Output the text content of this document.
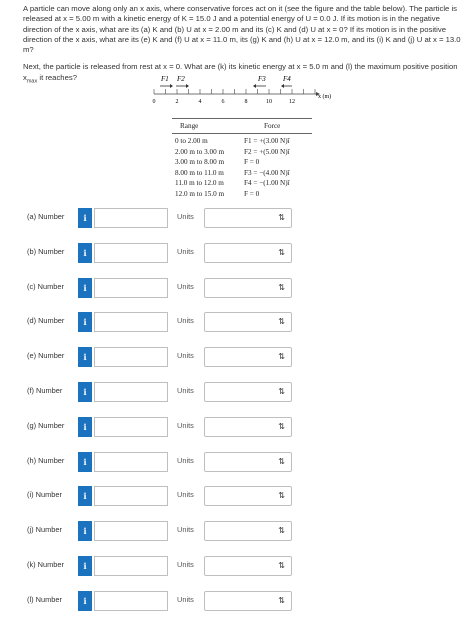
A particle can move along only an x axis, where conservative forces act on it (see the figure and the table below). The particle is released at x = 5.00 m with a kinetic energy of K = 15.0 J and a potential energy of U = 0.0 J. If its motion is in the negative direction of the x axis, what are its (a) K and (b) U at x = 2.00 m and its (c) K and (d) U at x = 0? If its motion is in the positive direction of the x axis, what are its (e) K and (f) U at x = 11.0 m, its (g) K and (h) U at x = 12.0 m, and its (i) K and (j) U at x = 13.0 m?

Next, the particle is released from rest at x = 0. What are (k) its kinetic energy at x = 5.0 m and (l) the maximum positive position $x_{max}$ it reaches?	F1 F2	F3 F4
x (m)
0	2	4	6	8	10	12
Range	Force
0 to 2.00 m	F1 = +(3.00 N)î
2.00 m to 3.00 m	F2 = +(5.00 N)î
3.00 m to 8.00 m	F = 0
8.00 m to 11.0 m	F3 = −(4.00 N)î
11.0 m to 12.0 m	F4 = −(1.00 N)î
12.0 m to 15.0 m	F = 0
(a) Number	i	Units	⇅
(b) Number	i	Units	⇅
(c) Number	i	Units	⇅
(d) Number	i	Units	⇅
(e) Number	i	Units	⇅
(f) Number	i	Units	⇅
(g) Number	i	Units	⇅
(h) Number	i	Units	⇅
(i) Number	i	Units	⇅
(j) Number	i	Units	⇅
(k) Number	i	Units	⇅
(l) Number	i	Units	⇅
